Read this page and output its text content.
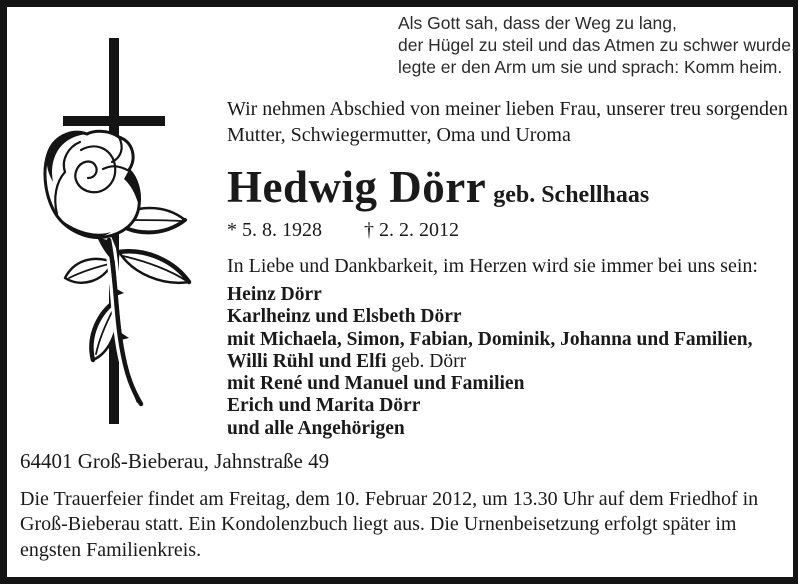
Als Gott sah, dass der Weg zu lang,
der Hügel zu steil und das Atmen zu schwer wurde,
legte er den Arm um sie und sprach: Komm heim.

Wir nehmen Abschied von meiner lieben Frau, unserer treu sorgenden Mutter, Schwiegermutter, Oma und Uroma

Hedwig Dörr geb. Schellhaas

* 5. 8. 1928 † 2. 2. 2012

In Liebe und Dankbarkeit, im Herzen wird sie immer bei uns sein:

Heinz Dörr
Karlheinz und Elsbeth Dörr
mit Michaela, Simon, Fabian, Dominik, Johanna und Familien,
Willi Rühl und Elfi geb. Dörr
mit René und Manuel und Familien
Erich und Marita Dörr
und alle Angehörigen

64401 Groß-Bieberau, Jahnstraße 49

Die Trauerfeier findet am Freitag, dem 10. Februar 2012, um 13.30 Uhr auf dem Friedhof in Groß-Bieberau statt. Ein Kondolenzbuch liegt aus. Die Urnenbeisetzung erfolgt später im engsten Familienkreis.
